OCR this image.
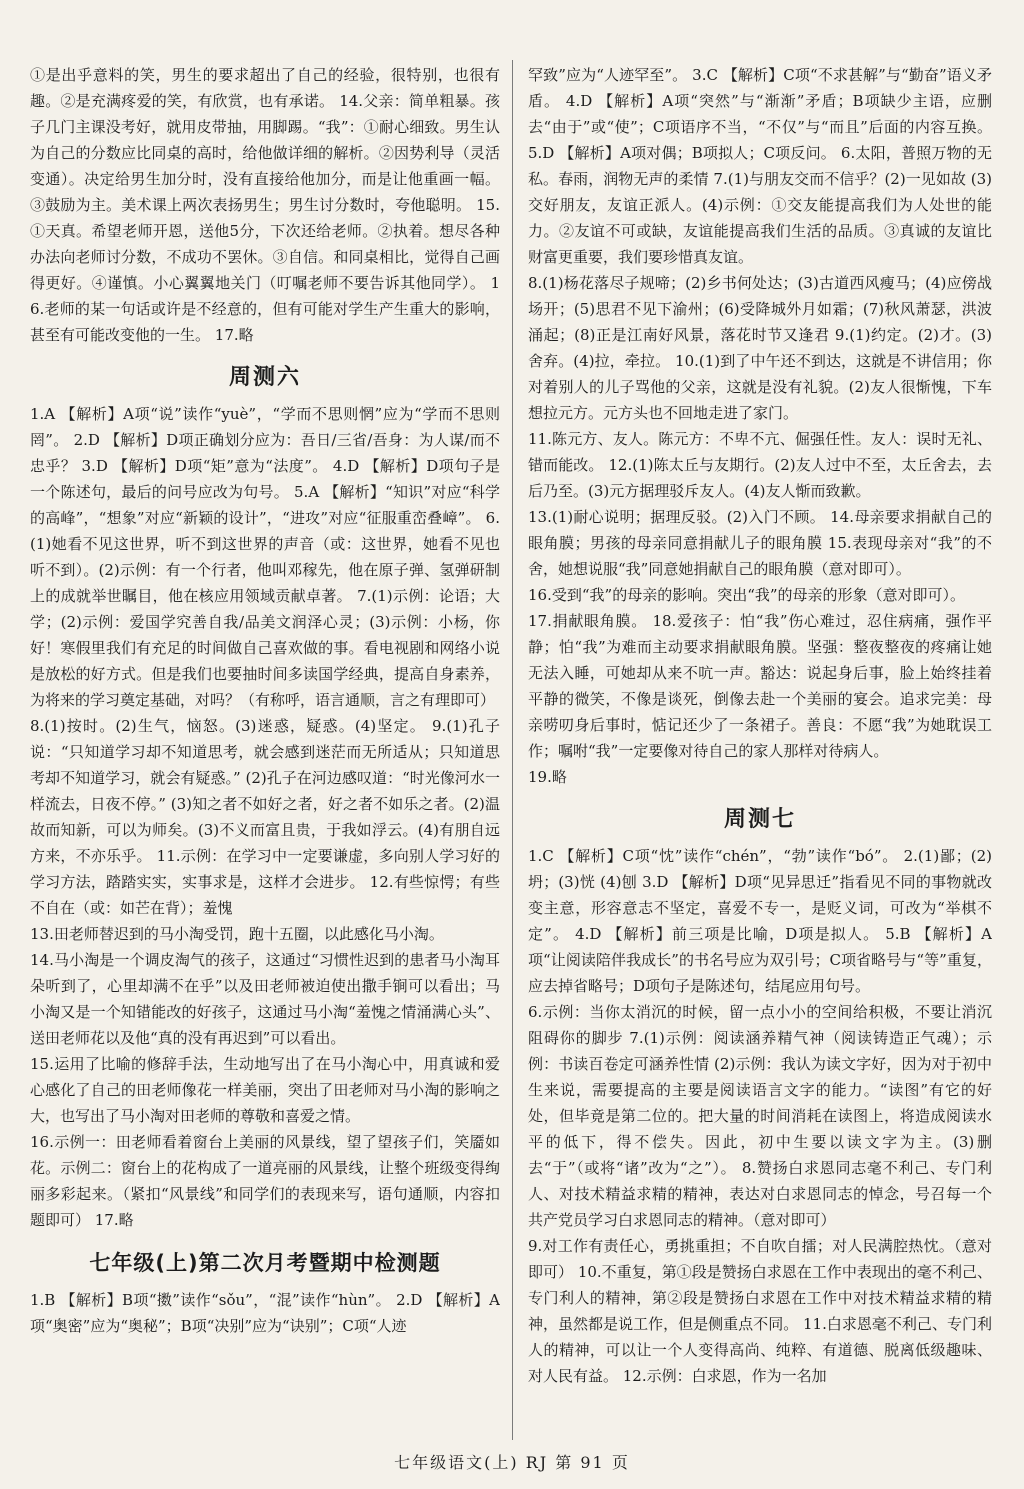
①是出乎意料的笑，男生的要求超出了自己的经验，很特别，也很有趣。②是充满疼爱的笑，有欣赏，也有承诺。 14.父亲：简单粗暴。孩子几门主课没考好，就用皮带抽，用脚踢。“我”：①耐心细致。男生认为自己的分数应比同桌的高时，给他做详细的解析。②因势利导（灵活变通）。决定给男生加分时，没有直接给他加分，而是让他重画一幅。③鼓励为主。美术课上两次表扬男生；男生讨分数时，夸他聪明。 15.①天真。希望老师开恩，送他5分，下次还给老师。②执着。想尽各种办法向老师讨分数，不成功不罢休。③自信。和同桌相比，觉得自己画得更好。④谨慎。小心翼翼地关门（叮嘱老师不要告诉其他同学）。 16.老师的某一句话或许是不经意的，但有可能对学生产生重大的影响，甚至有可能改变他的一生。 17.略

周测六

1.A 【解析】A项“说”读作“yuè”，“学而不思则惘”应为“学而不思则罔”。 2.D 【解析】D项正确划分应为：吾日/三省/吾身：为人谋/而不忠乎？ 3.D 【解析】D项“矩”意为“法度”。 4.D 【解析】D项句子是一个陈述句，最后的问号应改为句号。 5.A 【解析】“知识”对应“科学的高峰”，“想象”对应“新颖的设计”，“进攻”对应“征服重峦叠嶂”。 6.(1)她看不见这世界，听不到这世界的声音（或：这世界，她看不见也听不到）。(2)示例：有一个行者，他叫邓稼先，他在原子弹、氢弹研制上的成就举世瞩目，他在核应用领域贡献卓著。 7.(1)示例：论语；大学；(2)示例：爱国学究善自我/品美文润泽心灵；(3)示例：小杨，你好！寒假里我们有充足的时间做自己喜欢做的事。看电视剧和网络小说是放松的好方式。但是我们也要抽时间多读国学经典，提高自身素养，为将来的学习奠定基础，对吗？（有称呼，语言通顺，言之有理即可）

8.(1)按时。(2)生气，恼怒。(3)迷惑，疑惑。(4)坚定。 9.(1)孔子说：“只知道学习却不知道思考，就会感到迷茫而无所适从；只知道思考却不知道学习，就会有疑惑。” (2)孔子在河边感叹道：“时光像河水一样流去，日夜不停。” (3)知之者不如好之者，好之者不如乐之者。(2)温故而知新，可以为师矣。(3)不义而富且贵，于我如浮云。(4)有朋自远方来，不亦乐乎。 11.示例：在学习中一定要谦虚，多向别人学习好的学习方法，踏踏实实，实事求是，这样才会进步。 12.有些惊愕；有些不自在（或：如芒在背）；羞愧

13.田老师替迟到的马小淘受罚，跑十五圈，以此感化马小淘。

14.马小淘是一个调皮淘气的孩子，这通过“习惯性迟到的患者马小淘耳朵听到了，心里却满不在乎”以及田老师被迫使出撒手锏可以看出；马小淘又是一个知错能改的好孩子，这通过马小淘“羞愧之情涌满心头”、送田老师花以及他“真的没有再迟到”可以看出。

15.运用了比喻的修辞手法，生动地写出了在马小淘心中，用真诚和爱心感化了自己的田老师像花一样美丽，突出了田老师对马小淘的影响之大，也写出了马小淘对田老师的尊敬和喜爱之情。

16.示例一：田老师看着窗台上美丽的风景线，望了望孩子们，笑靥如花。示例二：窗台上的花构成了一道亮丽的风景线，让整个班级变得绚丽多彩起来。（紧扣“风景线”和同学们的表现来写，语句通顺，内容扣题即可） 17.略

七年级(上)第二次月考暨期中检测题

1.B 【解析】B项“擞”读作“sǒu”，“混”读作“hùn”。 2.D 【解析】A项“奥密”应为“奥秘”；B项“决别”应为“诀别”；C项“人迹

罕致”应为“人迹罕至”。 3.C 【解析】C项“不求甚解”与“勤奋”语义矛盾。 4.D 【解析】A项“突然”与“渐渐”矛盾；B项缺少主语，应删去“由于”或“使”；C项语序不当，“不仅”与“而且”后面的内容互换。 5.D 【解析】A项对偶；B项拟人；C项反问。 6.太阳，普照万物的无私。春雨，润物无声的柔情 7.(1)与朋友交而不信乎？(2)一见如故 (3)交好朋友，友谊正派人。(4)示例：①交友能提高我们为人处世的能力。②友谊不可或缺，友谊能提高我们生活的品质。③真诚的友谊比财富更重要，我们要珍惜真友谊。

8.(1)杨花落尽子规啼；(2)乡书何处达；(3)古道西风瘦马；(4)应傍战场开；(5)思君不见下渝州；(6)受降城外月如霜；(7)秋风萧瑟，洪波涌起；(8)正是江南好风景，落花时节又逢君 9.(1)约定。(2)才。(3)舍弃。(4)拉，牵拉。 10.(1)到了中午还不到达，这就是不讲信用；你对着别人的儿子骂他的父亲，这就是没有礼貌。(2)友人很惭愧，下车想拉元方。元方头也不回地走进了家门。

11.陈元方、友人。陈元方：不卑不亢、倔强任性。友人：误时无礼、错而能改。 12.(1)陈太丘与友期行。(2)友人过中不至，太丘舍去，去后乃至。(3)元方据理驳斥友人。(4)友人惭而致歉。

13.(1)耐心说明；据理反驳。(2)入门不顾。 14.母亲要求捐献自己的眼角膜；男孩的母亲同意捐献儿子的眼角膜 15.表现母亲对“我”的不舍，她想说服“我”同意她捐献自己的眼角膜（意对即可）。

16.受到“我”的母亲的影响。突出“我”的母亲的形象（意对即可）。

17.捐献眼角膜。 18.爱孩子：怕“我”伤心难过，忍住病痛，强作平静；怕“我”为难而主动要求捐献眼角膜。坚强：整夜整夜的疼痛让她无法入睡，可她却从来不吭一声。豁达：说起身后事，脸上始终挂着平静的微笑，不像是谈死，倒像去赴一个美丽的宴会。追求完美：母亲唠叨身后事时，惦记还少了一条裙子。善良：不愿“我”为她耽误工作；嘱咐“我”一定要像对待自己的家人那样对待病人。

19.略

周测七

1.C 【解析】C项“忱”读作“chén”，“勃”读作“bó”。 2.(1)鄙；(2)坍；(3)恍 (4)刨 3.D 【解析】D项“见异思迁”指看见不同的事物就改变主意，形容意志不坚定，喜爱不专一，是贬义词，可改为“举棋不定”。 4.D 【解析】前三项是比喻，D项是拟人。 5.B 【解析】A项“让阅读陪伴我成长”的书名号应为双引号；C项省略号与“等”重复，应去掉省略号；D项句子是陈述句，结尾应用句号。

6.示例：当你太消沉的时候，留一点小小的空间给积极，不要让消沉阻碍你的脚步 7.(1)示例：阅读涵养精气神（阅读铸造正气魂）；示例：书读百卷定可涵养性情 (2)示例：我认为读文字好，因为对于初中生来说，需要提高的主要是阅读语言文字的能力。“读图”有它的好处，但毕竟是第二位的。把大量的时间消耗在读图上，将造成阅读水平的低下，得不偿失。因此，初中生要以读文字为主。(3)删去“于”（或将“诸”改为“之”）。 8.赞扬白求恩同志毫不利己、专门利人、对技术精益求精的精神，表达对白求恩同志的悼念，号召每一个共产党员学习白求恩同志的精神。（意对即可）

9.对工作有责任心，勇挑重担；不自吹自擂；对人民满腔热忱。（意对即可） 10.不重复，第①段是赞扬白求恩在工作中表现出的毫不利己、专门利人的精神，第②段是赞扬白求恩在工作中对技术精益求精的精神，虽然都是说工作，但是侧重点不同。 11.白求恩毫不利己、专门利人的精神，可以让一个人变得高尚、纯粹、有道德、脱离低级趣味、对人民有益。 12.示例：白求恩，作为一名加

七年级语文(上) RJ 第 91 页
